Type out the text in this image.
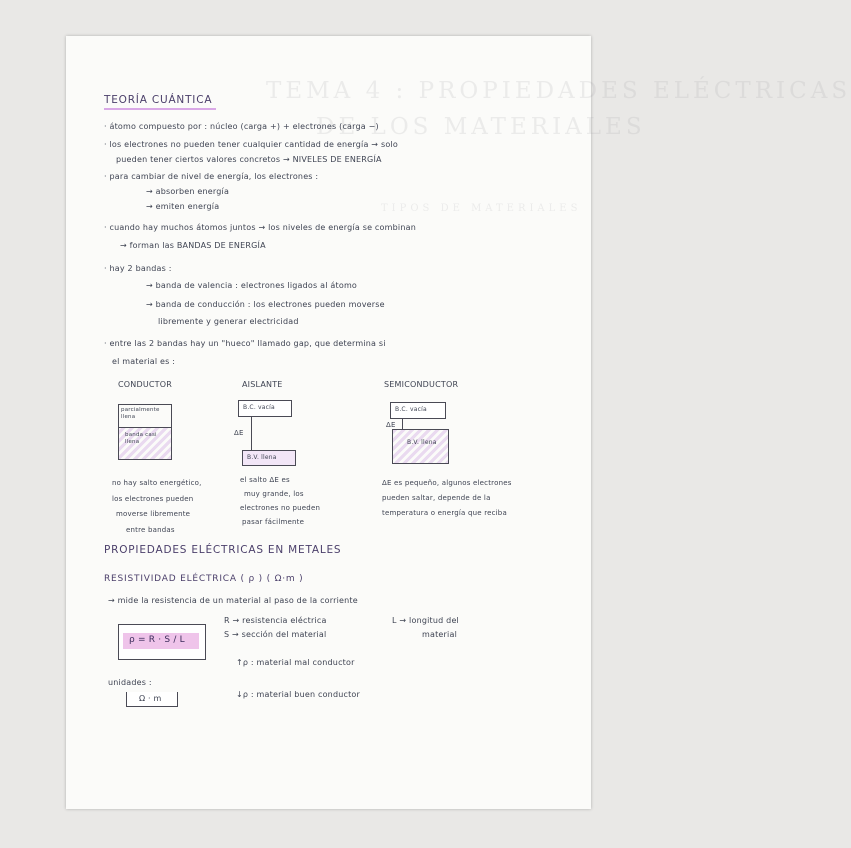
TEMA 4 : PROPIEDADES ELÉCTRICAS
DE LOS MATERIALES
TIPOS DE MATERIALES
TEORÍA CUÁNTICA
· átomo compuesto por : núcleo (carga +) + electrones (carga −)
· los electrones no pueden tener cualquier cantidad de energía → solo
pueden tener ciertos valores concretos → NIVELES DE ENERGÍA
· para cambiar de nivel de energía, los electrones :
→ absorben energía
→ emiten energía
· cuando hay muchos átomos juntos → los niveles de energía se combinan
→ forman las BANDAS DE ENERGÍA
· hay 2 bandas :
→ banda de valencia : electrones ligados al átomo
→ banda de conducción : los electrones pueden moverse
libremente y generar electricidad
· entre las 2 bandas hay un "hueco" llamado gap, que determina si
el material es :
CONDUCTOR	AISLANTE	SEMICONDUCTOR
parcialmente llena
banda casi llena
B.C. vacía
ΔE
B.V. llena
B.C. vacía
ΔE
B.V. llena
no hay salto energético,
los electrones pueden
moverse libremente
entre bandas
el salto ΔE es
muy grande, los
electrones no pueden
pasar fácilmente
ΔE es pequeño, algunos electrones
pueden saltar, depende de la
temperatura o energía que reciba
PROPIEDADES ELÉCTRICAS EN METALES
RESISTIVIDAD ELÉCTRICA ( ρ ) ( Ω·m )
→ mide la resistencia de un material al paso de la corriente
ρ = R · S / L
R → resistencia eléctrica	L → longitud del
material
S → sección del material
unidades :
Ω · m
↑ρ : material mal conductor
↓ρ : material buen conductor
